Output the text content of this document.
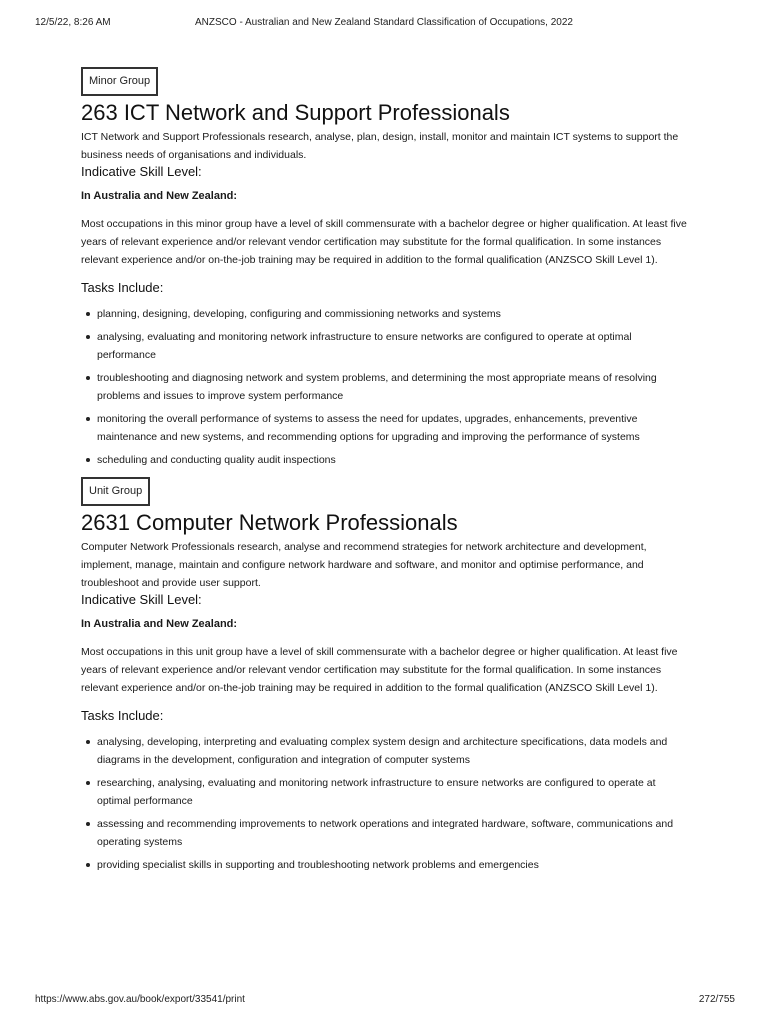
12/5/22, 8:26 AM	ANZSCO - Australian and New Zealand Standard Classification of Occupations, 2022
Minor Group
263 ICT Network and Support Professionals

ICT Network and Support Professionals research, analyse, plan, design, install, monitor and maintain ICT systems to support the business needs of organisations and individuals.

Indicative Skill Level:
In Australia and New Zealand:

Most occupations in this minor group have a level of skill commensurate with a bachelor degree or higher qualification. At least five years of relevant experience and/or relevant vendor certification may substitute for the formal qualification. In some instances relevant experience and/or on-the-job training may be required in addition to the formal qualification (ANZSCO Skill Level 1).

Tasks Include:
planning, designing, developing, configuring and commissioning networks and systems
analysing, evaluating and monitoring network infrastructure to ensure networks are configured to operate at optimal performance
troubleshooting and diagnosing network and system problems, and determining the most appropriate means of resolving problems and issues to improve system performance
monitoring the overall performance of systems to assess the need for updates, upgrades, enhancements, preventive maintenance and new systems, and recommending options for upgrading and improving the performance of systems
scheduling and conducting quality audit inspections
Unit Group
2631 Computer Network Professionals

Computer Network Professionals research, analyse and recommend strategies for network architecture and development, implement, manage, maintain and configure network hardware and software, and monitor and optimise performance, and troubleshoot and provide user support.

Indicative Skill Level:
In Australia and New Zealand:

Most occupations in this unit group have a level of skill commensurate with a bachelor degree or higher qualification. At least five years of relevant experience and/or relevant vendor certification may substitute for the formal qualification. In some instances relevant experience and/or on-the-job training may be required in addition to the formal qualification (ANZSCO Skill Level 1).

Tasks Include:
analysing, developing, interpreting and evaluating complex system design and architecture specifications, data models and diagrams in the development, configuration and integration of computer systems
researching, analysing, evaluating and monitoring network infrastructure to ensure networks are configured to operate at optimal performance
assessing and recommending improvements to network operations and integrated hardware, software, communications and operating systems
providing specialist skills in supporting and troubleshooting network problems and emergencies
https://www.abs.gov.au/book/export/33541/print	272/755
